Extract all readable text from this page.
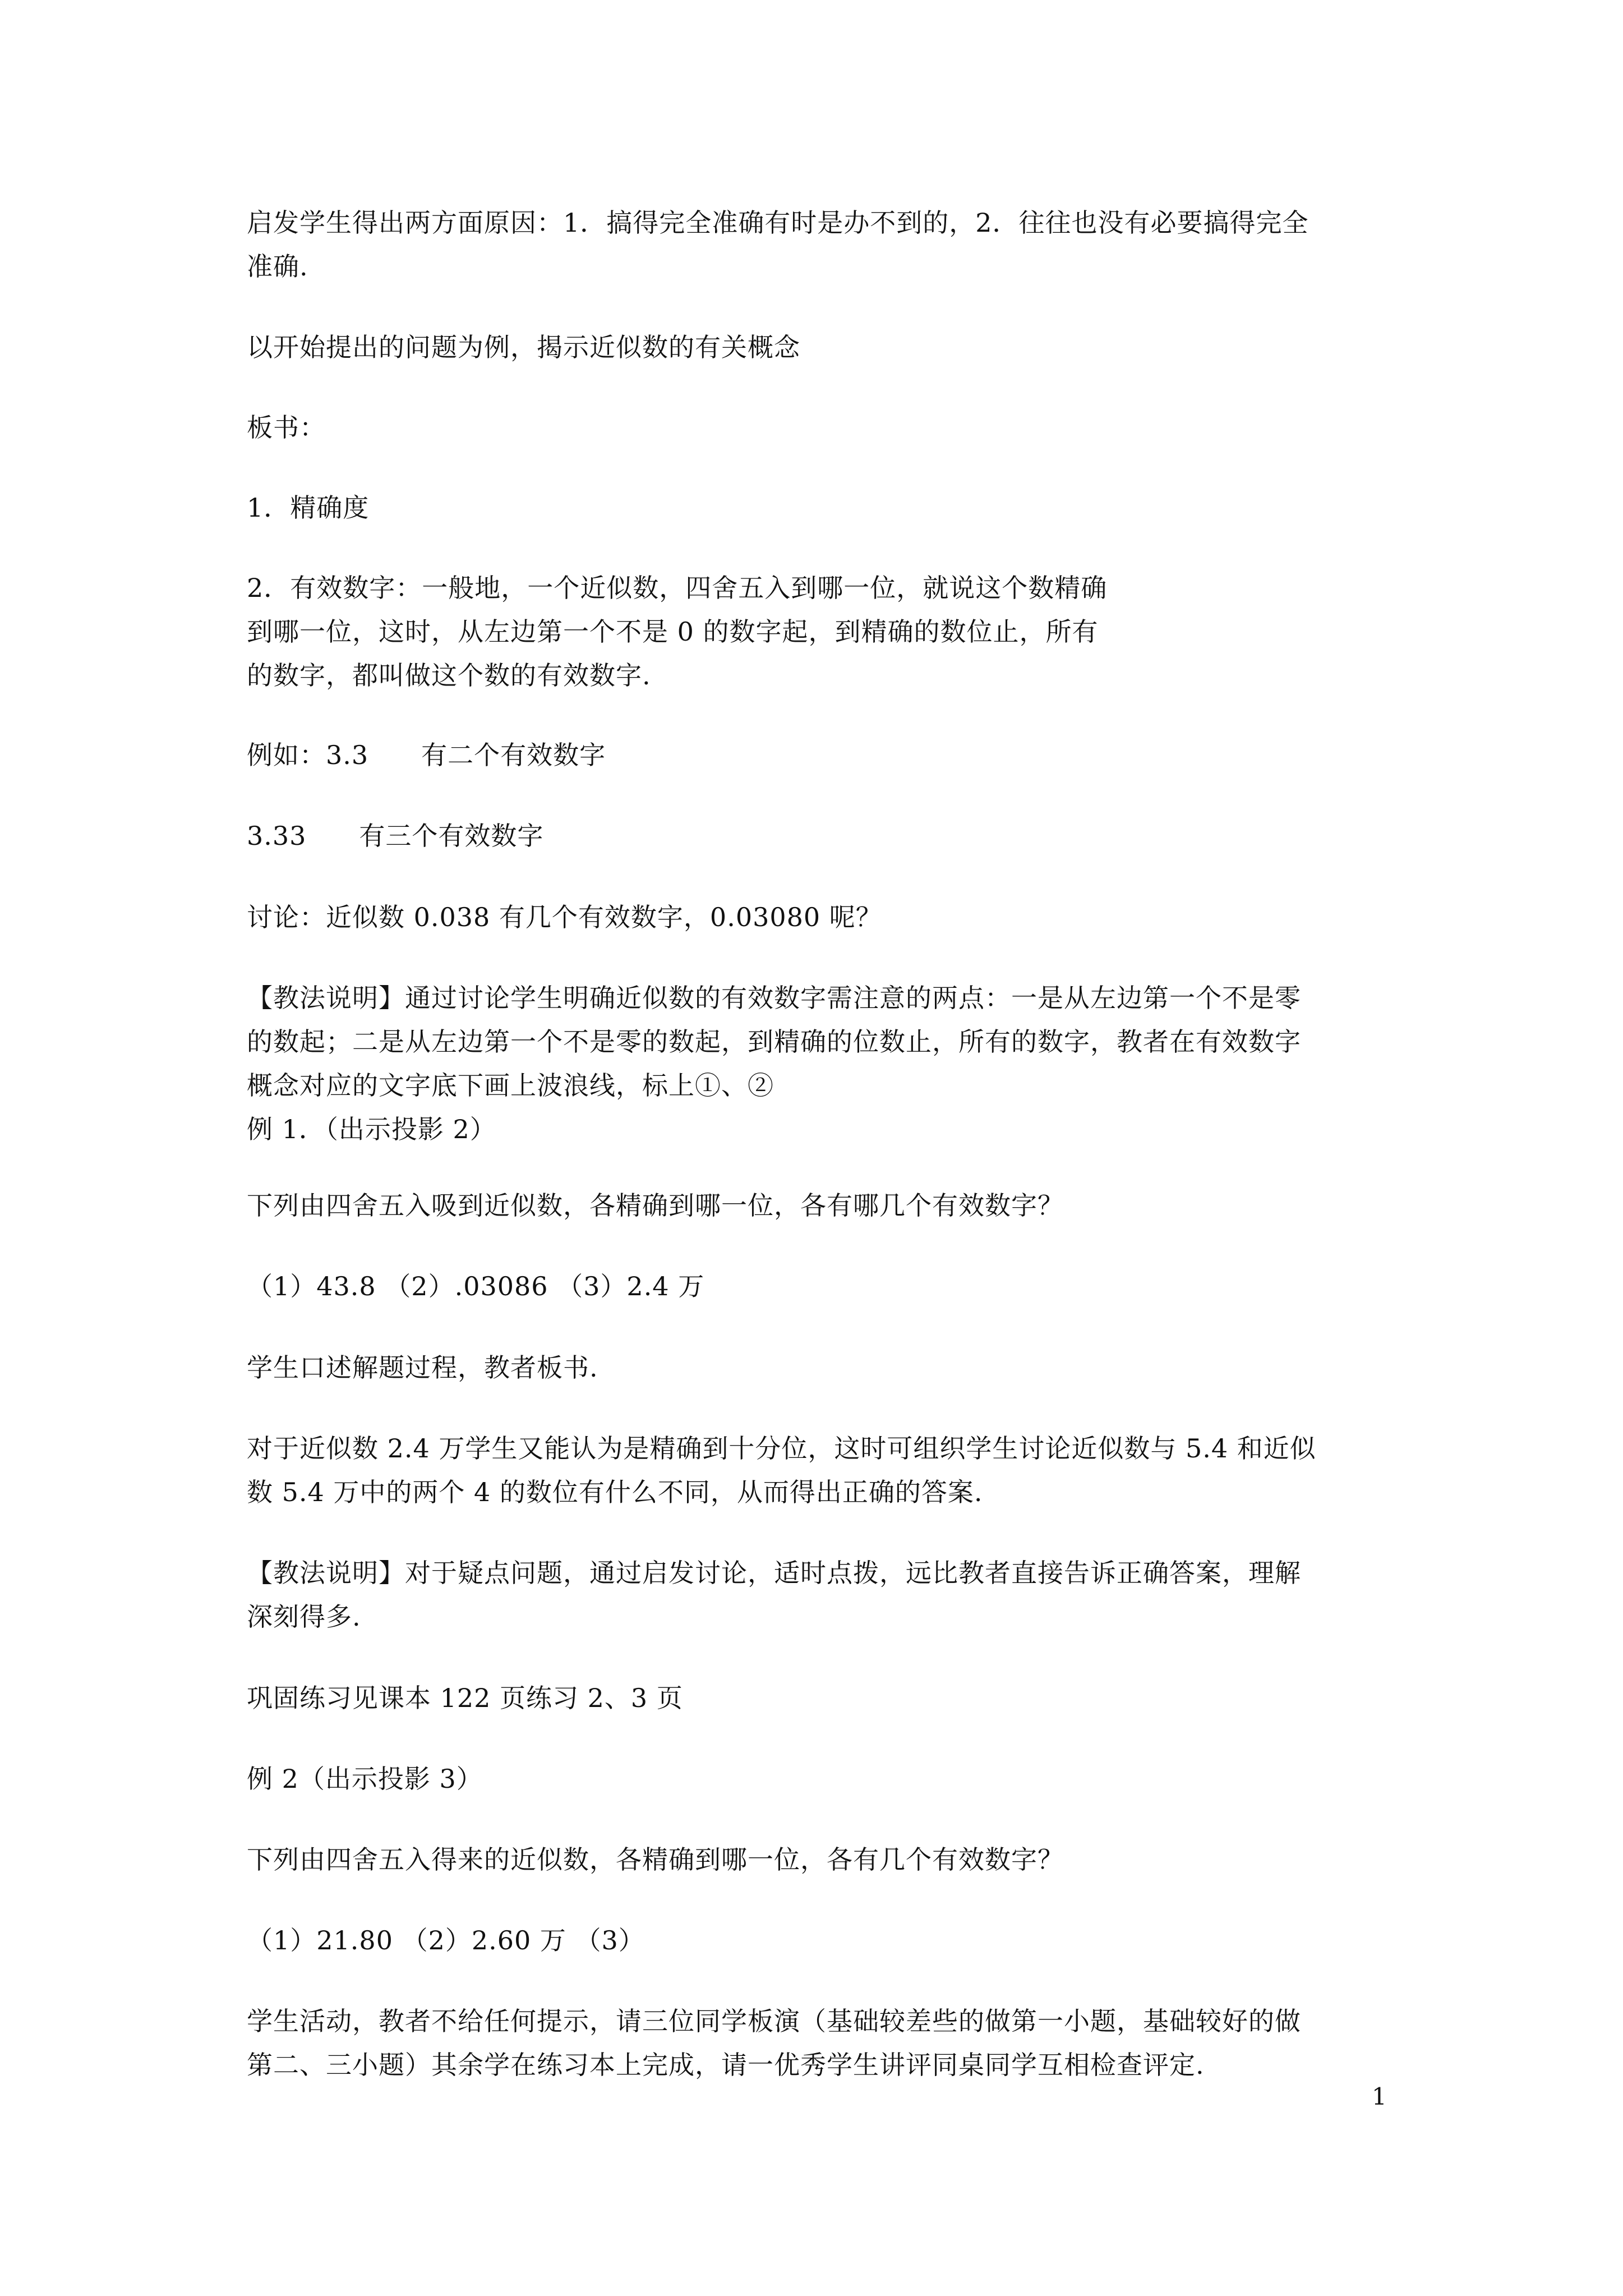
启发学生得出两方面原因：1．搞得完全准确有时是办不到的，2．往往也没有必要搞得完全
准确.
以开始提出的问题为例，揭示近似数的有关概念
板书：
1．精确度
2．有效数字：一般地，一个近似数，四舍五入到哪一位，就说这个数精确
到哪一位，这时，从左边第一个不是 0 的数字起，到精确的数位止，所有
的数字，都叫做这个数的有效数字.
例如：3.3　　有二个有效数字
3.33　　有三个有效数字
讨论：近似数 0.038 有几个有效数字，0.03080 呢？
【教法说明】通过讨论学生明确近似数的有效数字需注意的两点：一是从左边第一个不是零
的数起；二是从左边第一个不是零的数起，到精确的位数止，所有的数字，教者在有效数字
概念对应的文字底下画上波浪线，标上①、②
例 1．（出示投影 2）
下列由四舍五入吸到近似数，各精确到哪一位，各有哪几个有效数字？
（1）43.8 （2）.03086 （3）2.4 万
学生口述解题过程，教者板书.
对于近似数 2.4 万学生又能认为是精确到十分位，这时可组织学生讨论近似数与 5.4 和近似
数 5.4 万中的两个 4 的数位有什么不同，从而得出正确的答案.
【教法说明】对于疑点问题，通过启发讨论，适时点拨，远比教者直接告诉正确答案，理解
深刻得多.
巩固练习见课本 122 页练习 2、3 页
例 2（出示投影 3）
下列由四舍五入得来的近似数，各精确到哪一位，各有几个有效数字？
（1）21.80 （2）2.60 万 （3）
学生活动，教者不给任何提示，请三位同学板演（基础较差些的做第一小题，基础较好的做
第二、三小题）其余学在练习本上完成，请一优秀学生讲评同桌同学互相检查评定.
1
